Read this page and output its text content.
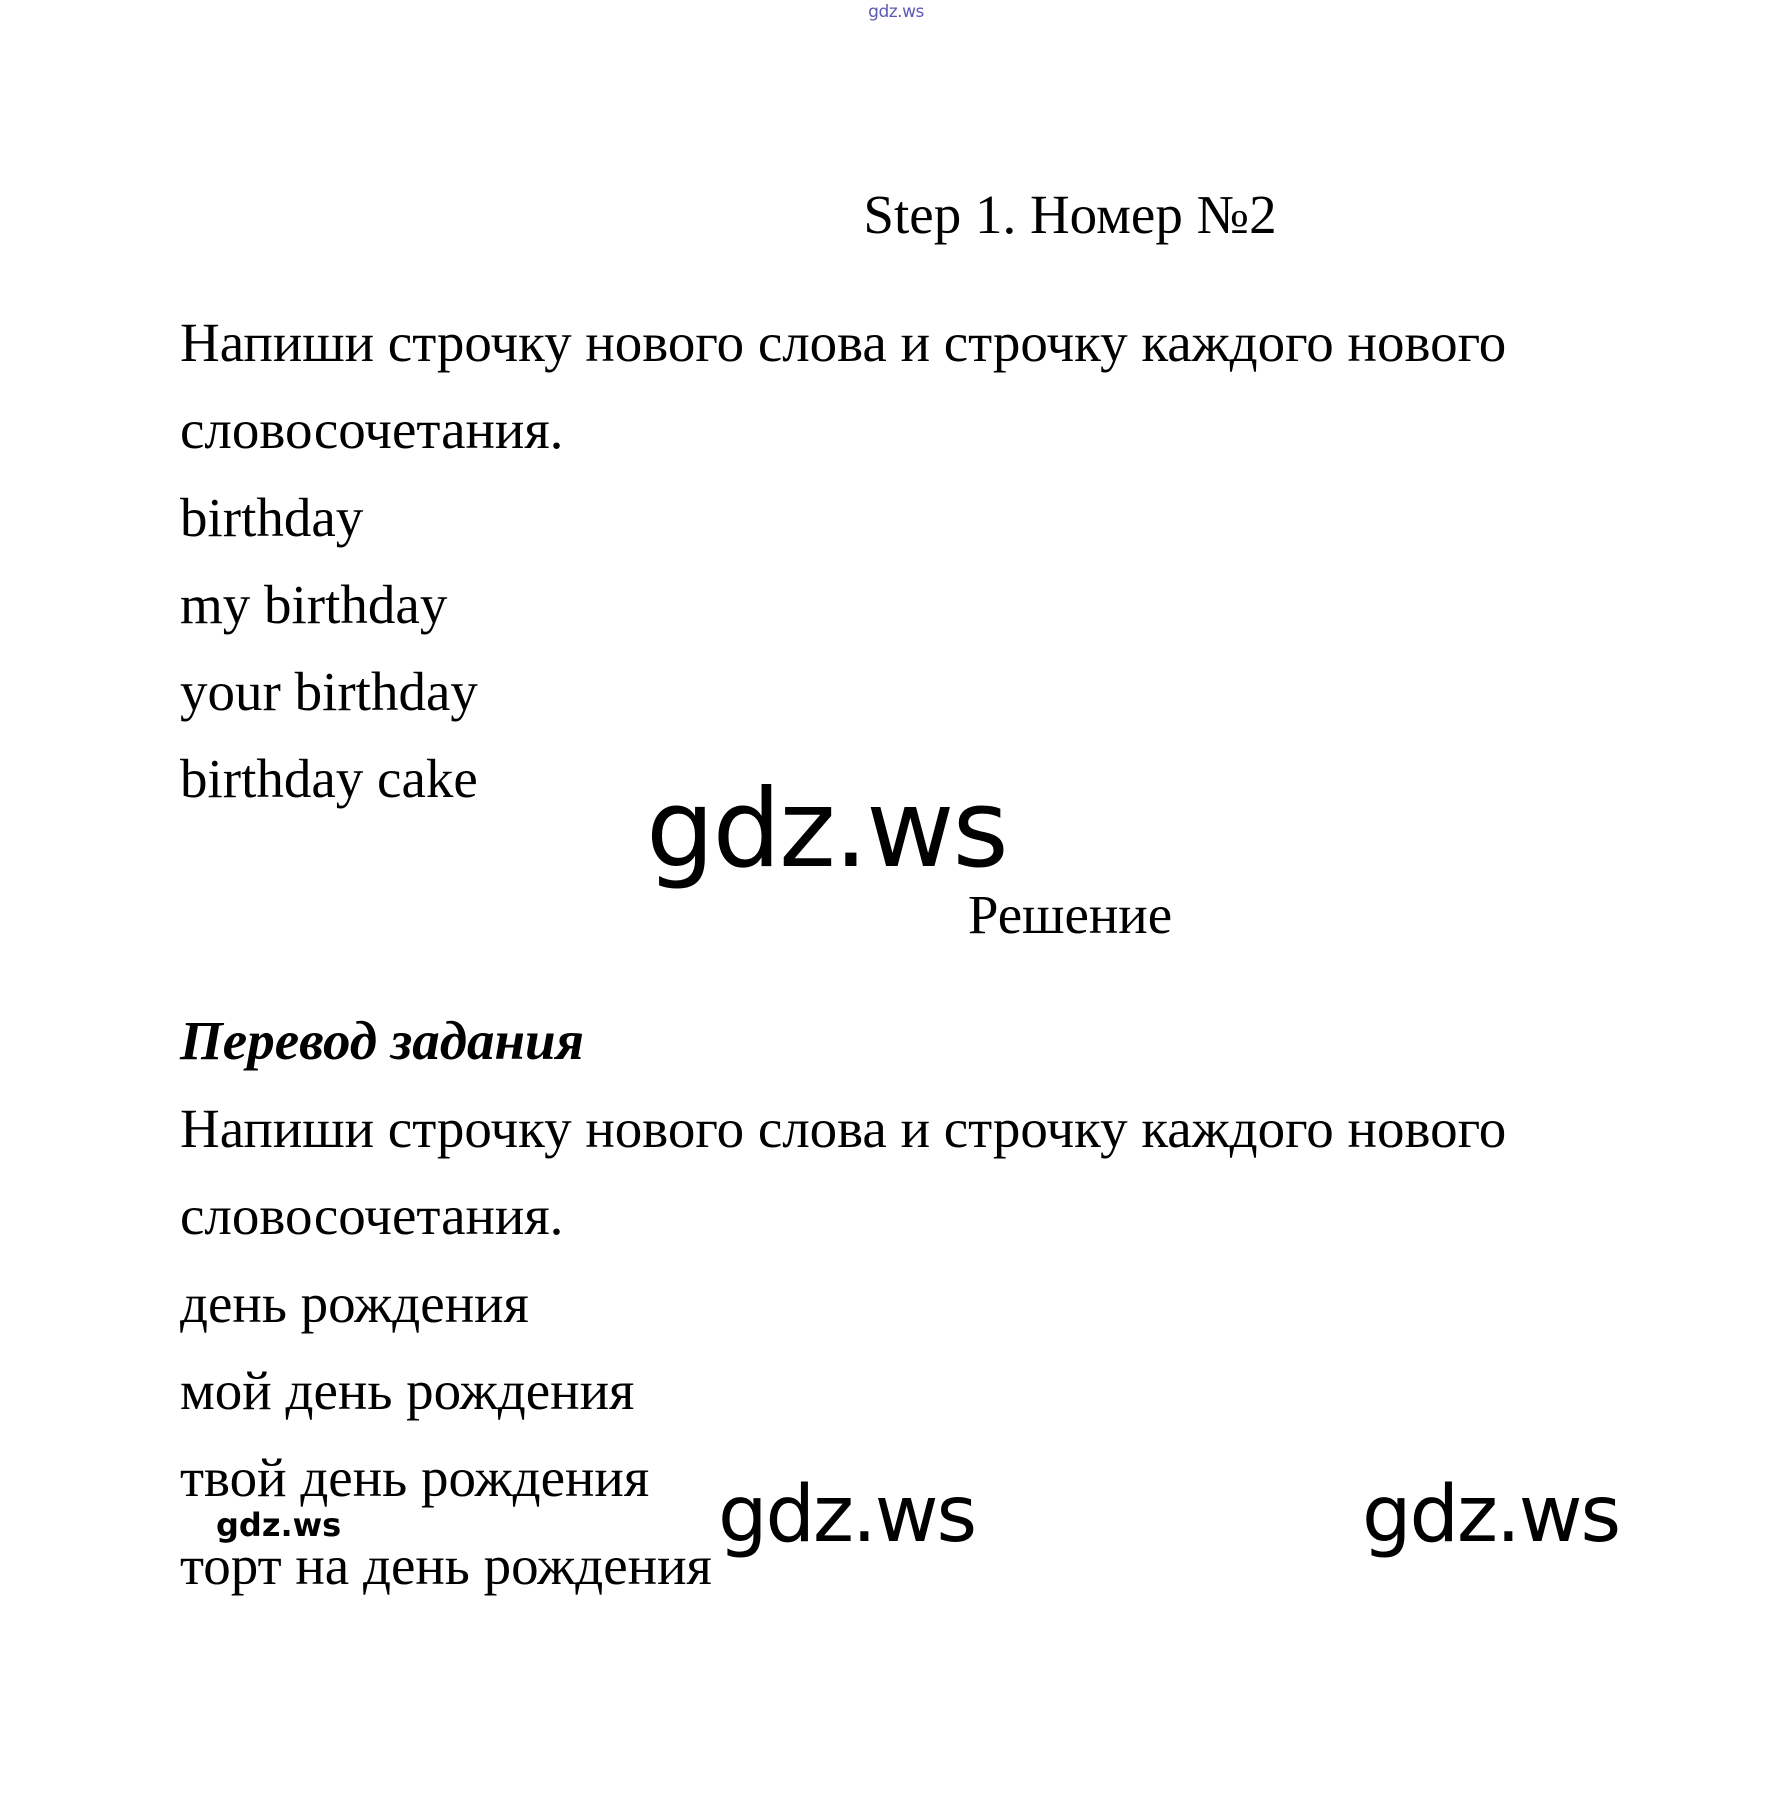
gdz.ws
Step 1. Номер №2
Напиши строчку нового слова и строчку каждого нового
словосочетания.
birthday
my birthday
your birthday
birthday cake gdz.ws
Решение
Перевод задания
Напиши строчку нового слова и строчку каждого нового
словосочетания.
день рождения
мой день рождения
твой день рождения
торт на день рождения
gdz.ws	gdz.ws
gdz.ws
